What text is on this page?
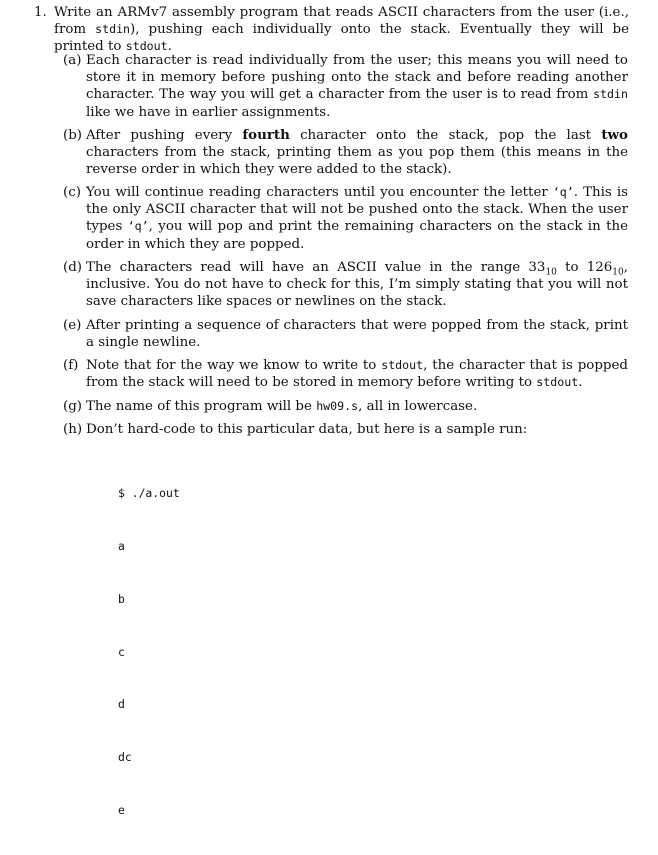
1. Write an ARMv7 assembly program that reads ASCII characters from the user (i.e., from stdin), pushing each individually onto the stack. Eventually they will be printed to stdout.
(a) Each character is read individually from the user; this means you will need to store it in memory before pushing onto the stack and before reading another character. The way you will get a character from the user is to read from stdin like we have in earlier assignments.
(b) After pushing every fourth character onto the stack, pop the last two characters from the stack, printing them as you pop them (this means in the reverse order in which they were added to the stack).
(c) You will continue reading characters until you encounter the letter ‘q’. This is the only ASCII character that will not be pushed onto the stack. When the user types ‘q’, you will pop and print the remaining characters on the stack in the order in which they are popped.
(d) The characters read will have an ASCII value in the range $33_{10}$ to $126_{10}$, inclusive. You do not have to check for this, I’m simply stating that you will not save characters like spaces or newlines on the stack.
(e) After printing a sequence of characters that were popped from the stack, print a single newline.
(f) Note that for the way we know to write to stdout, the character that is popped from the stack will need to be stored in memory before writing to stdout.
(g) The name of this program will be hw09.s, all in lowercase.
(h) Don’t hard-code to this particular data, but here is a sample run:

$ ./a.out

a

b

c

d

dc

e
